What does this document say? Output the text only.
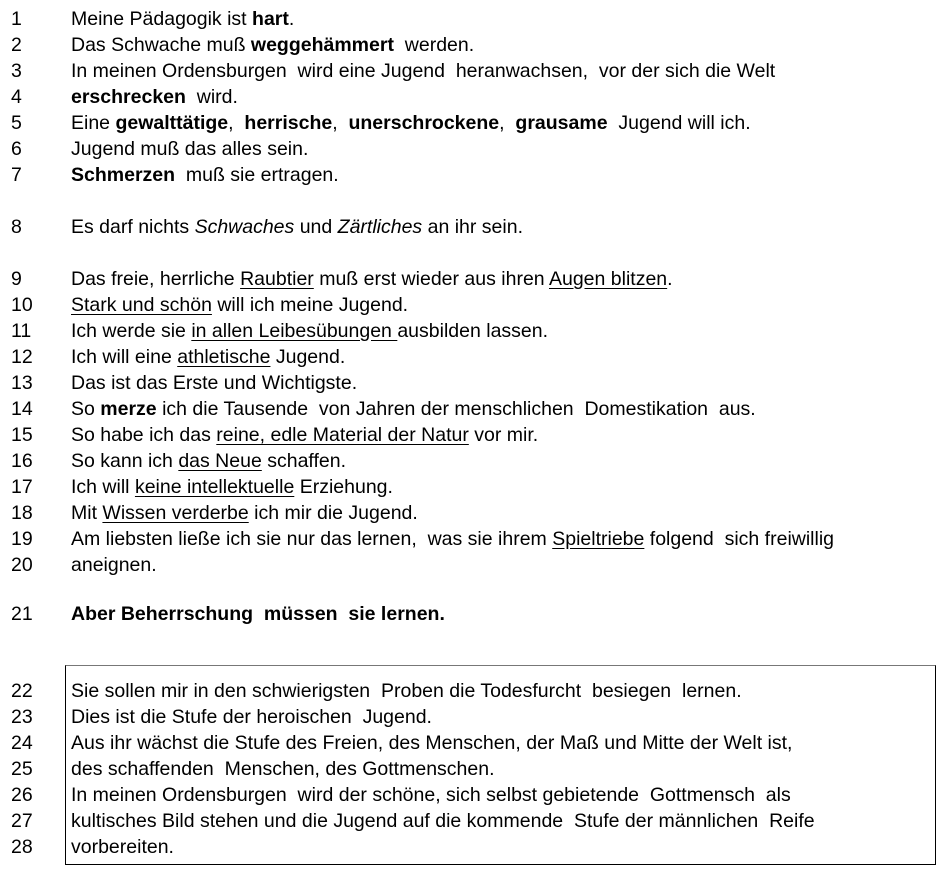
1	Meine Pädagogik ist hart.
2	Das Schwache muß weggehämmert  werden.
3	In meinen Ordensburgen  wird eine Jugend  heranwachsen,  vor der sich die Welt
4	erschrecken  wird.
5	Eine gewalttätige,  herrische,  unerschrockene,  grausame  Jugend will ich.
6	Jugend muß das alles sein.
7	Schmerzen  muß sie ertragen.
8	Es darf nichts Schwaches und Zärtliches an ihr sein.
9	Das freie, herrliche Raubtier muß erst wieder aus ihren Augen blitzen.
10	Stark und schön will ich meine Jugend.
11	Ich werde sie in allen Leibesübungen ausbilden lassen.
12	Ich will eine athletische Jugend.
13	Das ist das Erste und Wichtigste.
14	So merze ich die Tausende  von Jahren der menschlichen  Domestikation  aus.
15	So habe ich das reine, edle Material der Natur vor mir.
16	So kann ich das Neue schaffen.
17	Ich will keine intellektuelle Erziehung.
18	Mit Wissen verderbe ich mir die Jugend.
19	Am liebsten ließe ich sie nur das lernen,  was sie ihrem Spieltriebe folgend  sich freiwillig
20	aneignen.
21	Aber Beherrschung  müssen  sie lernen.
22	Sie sollen mir in den schwierigsten  Proben die Todesfurcht  besiegen  lernen.
23	Dies ist die Stufe der heroischen  Jugend.
24	Aus ihr wächst die Stufe des Freien, des Menschen, der Maß und Mitte der Welt ist,
25	des schaffenden  Menschen, des Gottmenschen.
26	In meinen Ordensburgen  wird der schöne, sich selbst gebietende  Gottmensch  als
27	kultisches Bild stehen und die Jugend auf die kommende  Stufe der männlichen  Reife
28	vorbereiten.
